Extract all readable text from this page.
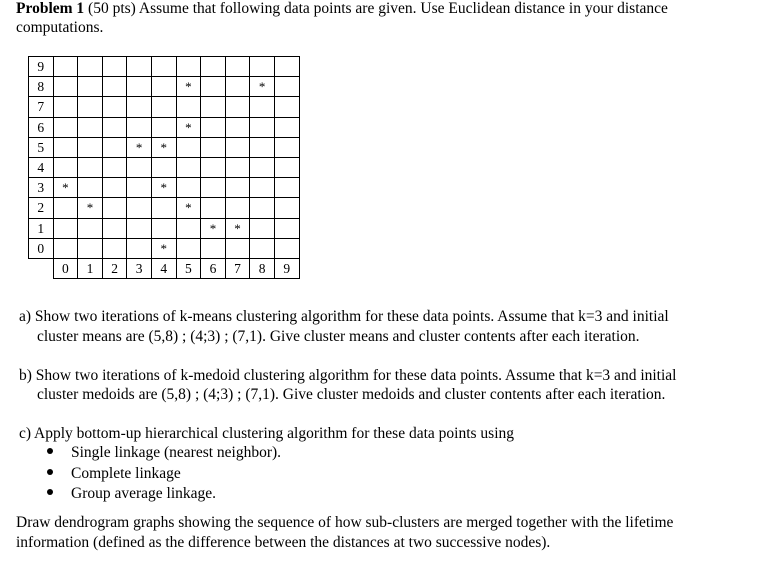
Problem 1 (50 pts) Assume that following data points are given. Use Euclidean distance in your distance
computations.
9										
8						*			*	
7										
6						*				
5				*	*					
4										
3	*				*					
2		*				*				
1							*	*		
0					*					
	0	1	2	3	4	5	6	7	8	9
a) Show two iterations of k-means clustering algorithm for these data points. Assume that k=3 and initial
cluster means are (5,8) ; (4;3) ; (7,1). Give cluster means and cluster contents after each iteration.
b) Show two iterations of k-medoid clustering algorithm for these data points. Assume that k=3 and initial
cluster medoids are (5,8) ; (4;3) ; (7,1). Give cluster medoids and cluster contents after each iteration.
c) Apply bottom-up hierarchical clustering algorithm for these data points using
Single linkage (nearest neighbor).
Complete linkage
Group average linkage.
Draw dendrogram graphs showing the sequence of how sub-clusters are merged together with the lifetime
information (defined as the difference between the distances at two successive nodes).
